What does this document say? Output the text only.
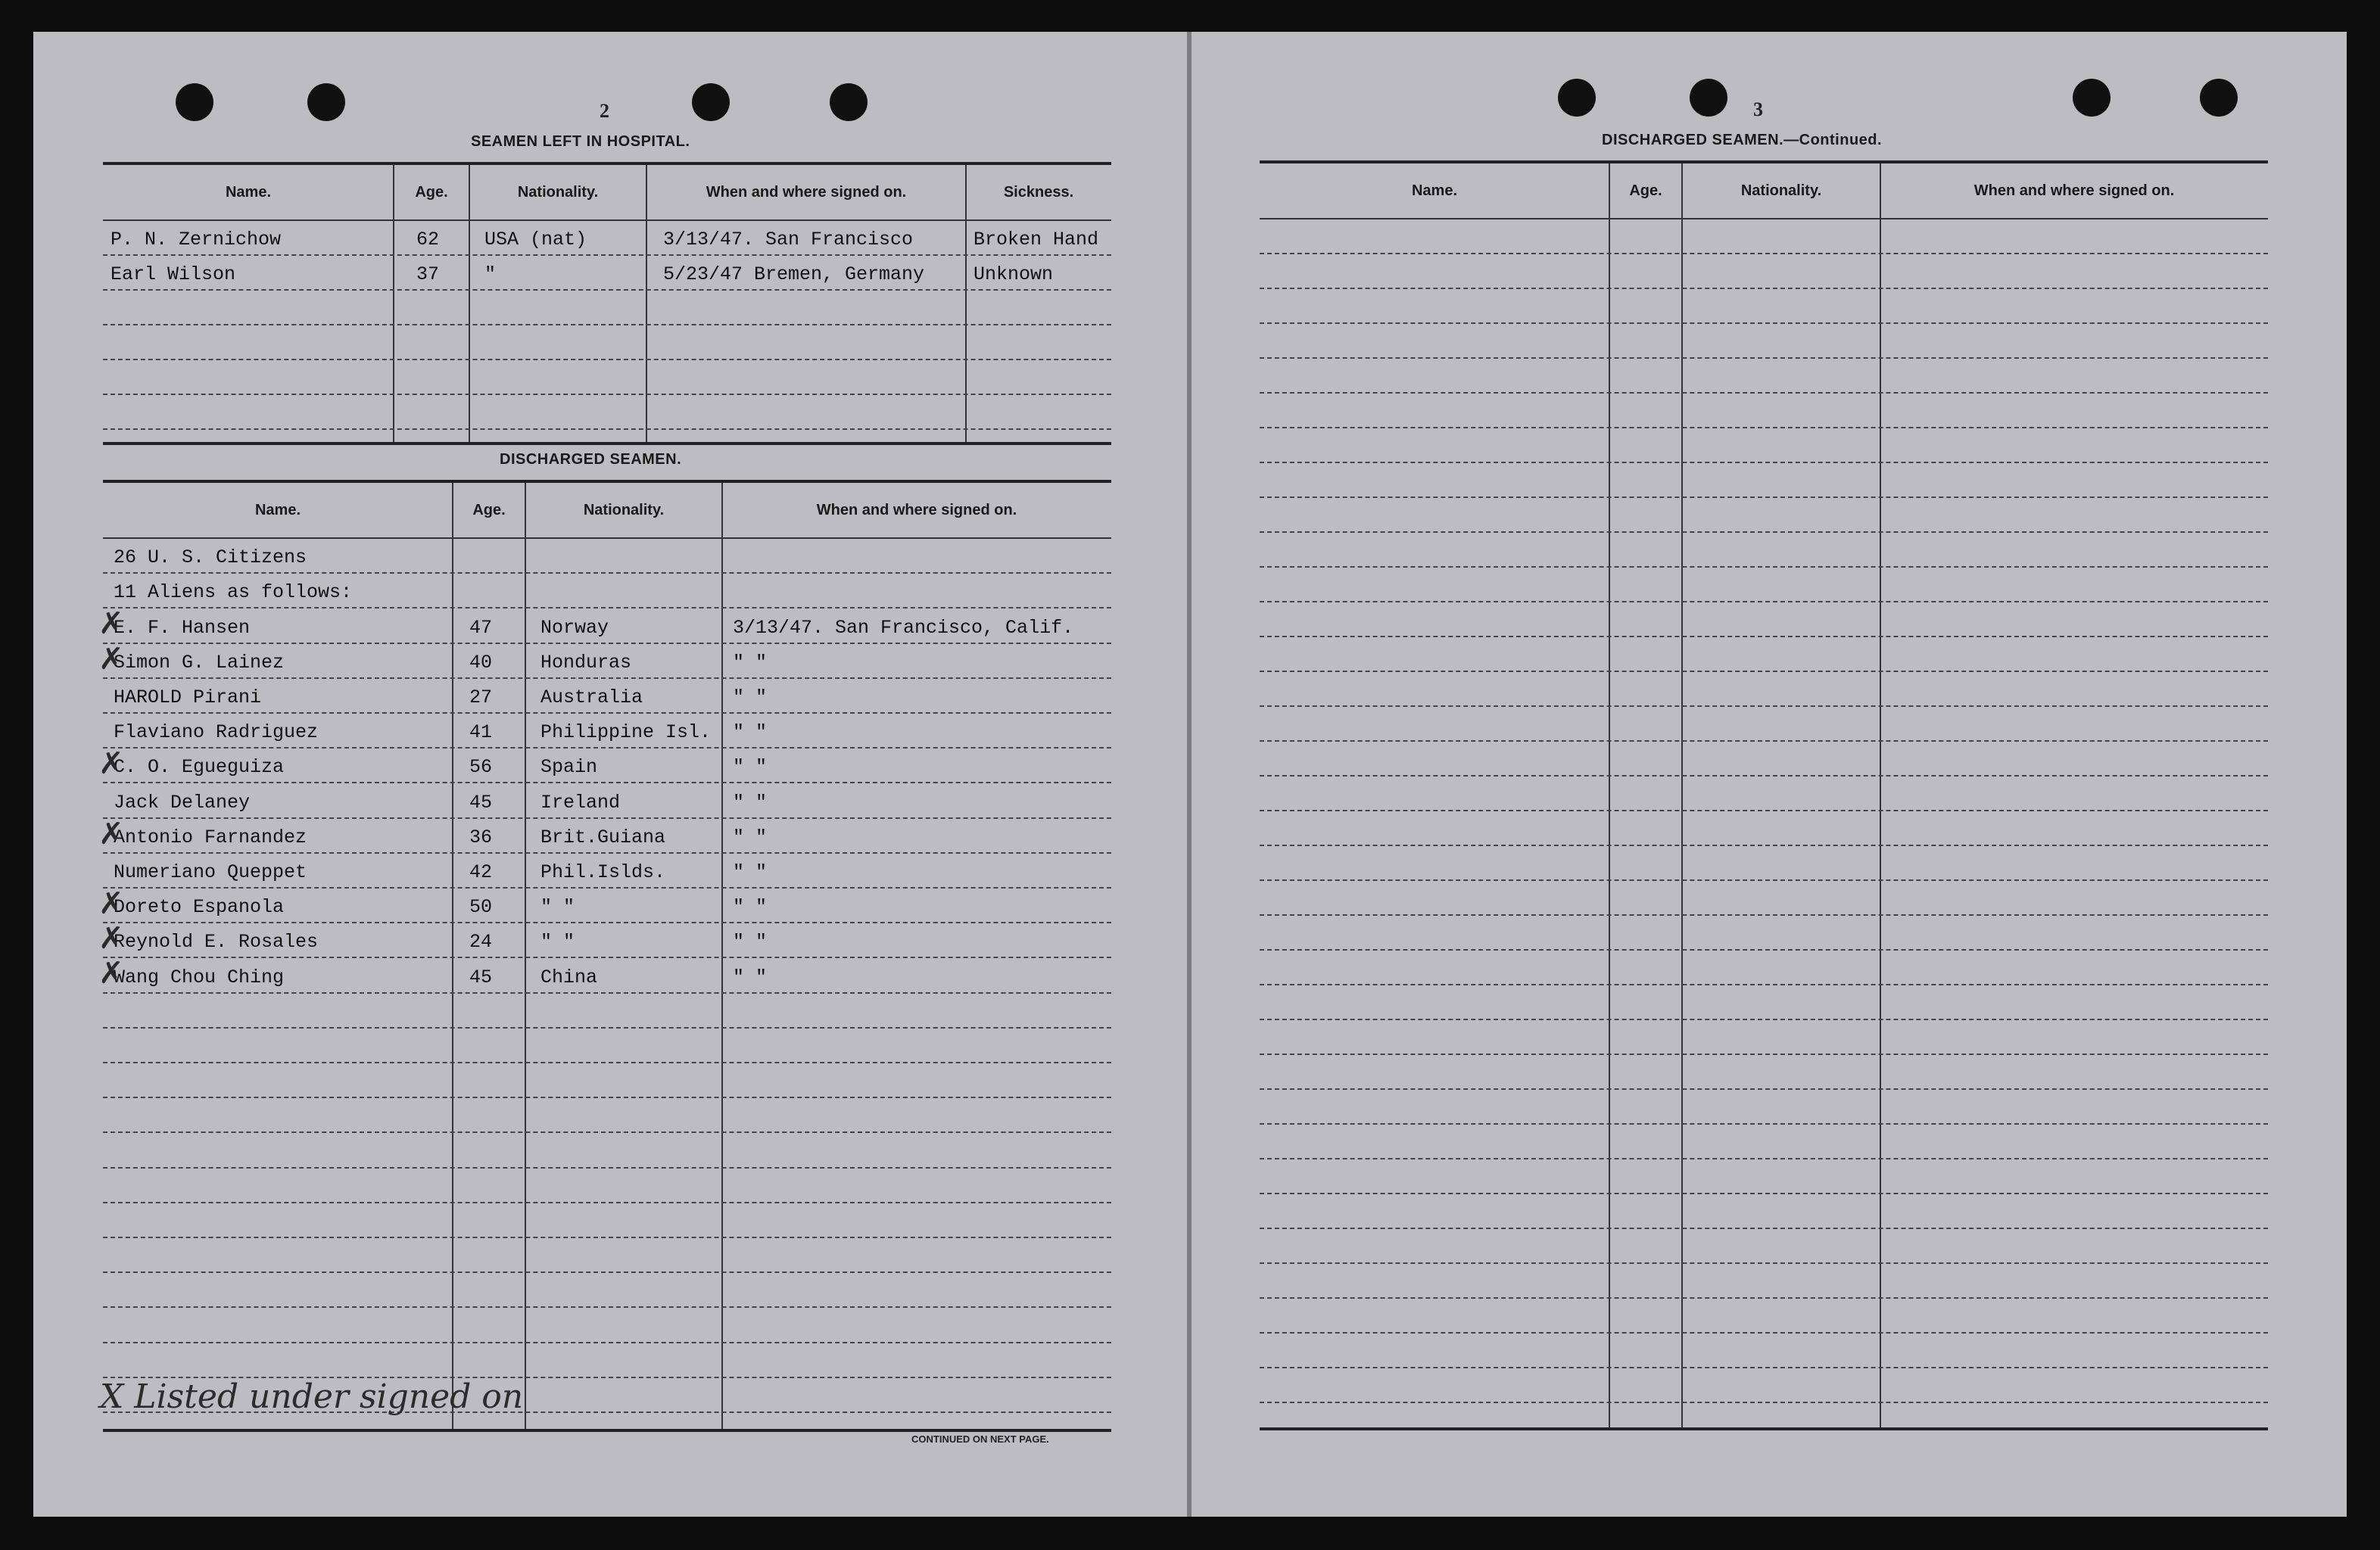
2
SEAMEN LEFT IN HOSPITAL.
Name.	Age.	Nationality.	When and where signed on.	Sickness.
P. N. Zernichow	62 USA (nat)	3/13/47. San Francisco	Broken Hand
Earl Wilson	37 "	5/23/47 Bremen, Germany	Unknown
DISCHARGED SEAMEN.
Name.	Age.	Nationality.	When and where signed on.
26 U. S. Citizens
11 Aliens as follows:
E. F. Hansen	47	Norway	3/13/47. San Francisco, Calif.
Simon G. Lainez	40	Honduras	" "
HAROLD Pirani	27	Australia	" "
Flaviano Radriguez	41	Philippine Isl. " "
C. O. Egueguiza	56	Spain	" "
Jack Delaney	45	Ireland	" "
Antonio Farnandez	36	Brit.Guiana	" "
Numeriano Queppet	42	Phil.Islds.	" "
Doreto Espanola	50	" "	" "
Reynold E. Rosales	24	" "	" "
Wang Chou Ching	45	China	" "
✗
✗
✗
✗
✗
✗
✗
X Listed under signed on
CONTINUED ON NEXT PAGE.
3
DISCHARGED SEAMEN.—Continued.
Name.	Age.	Nationality.	When and where signed on.
